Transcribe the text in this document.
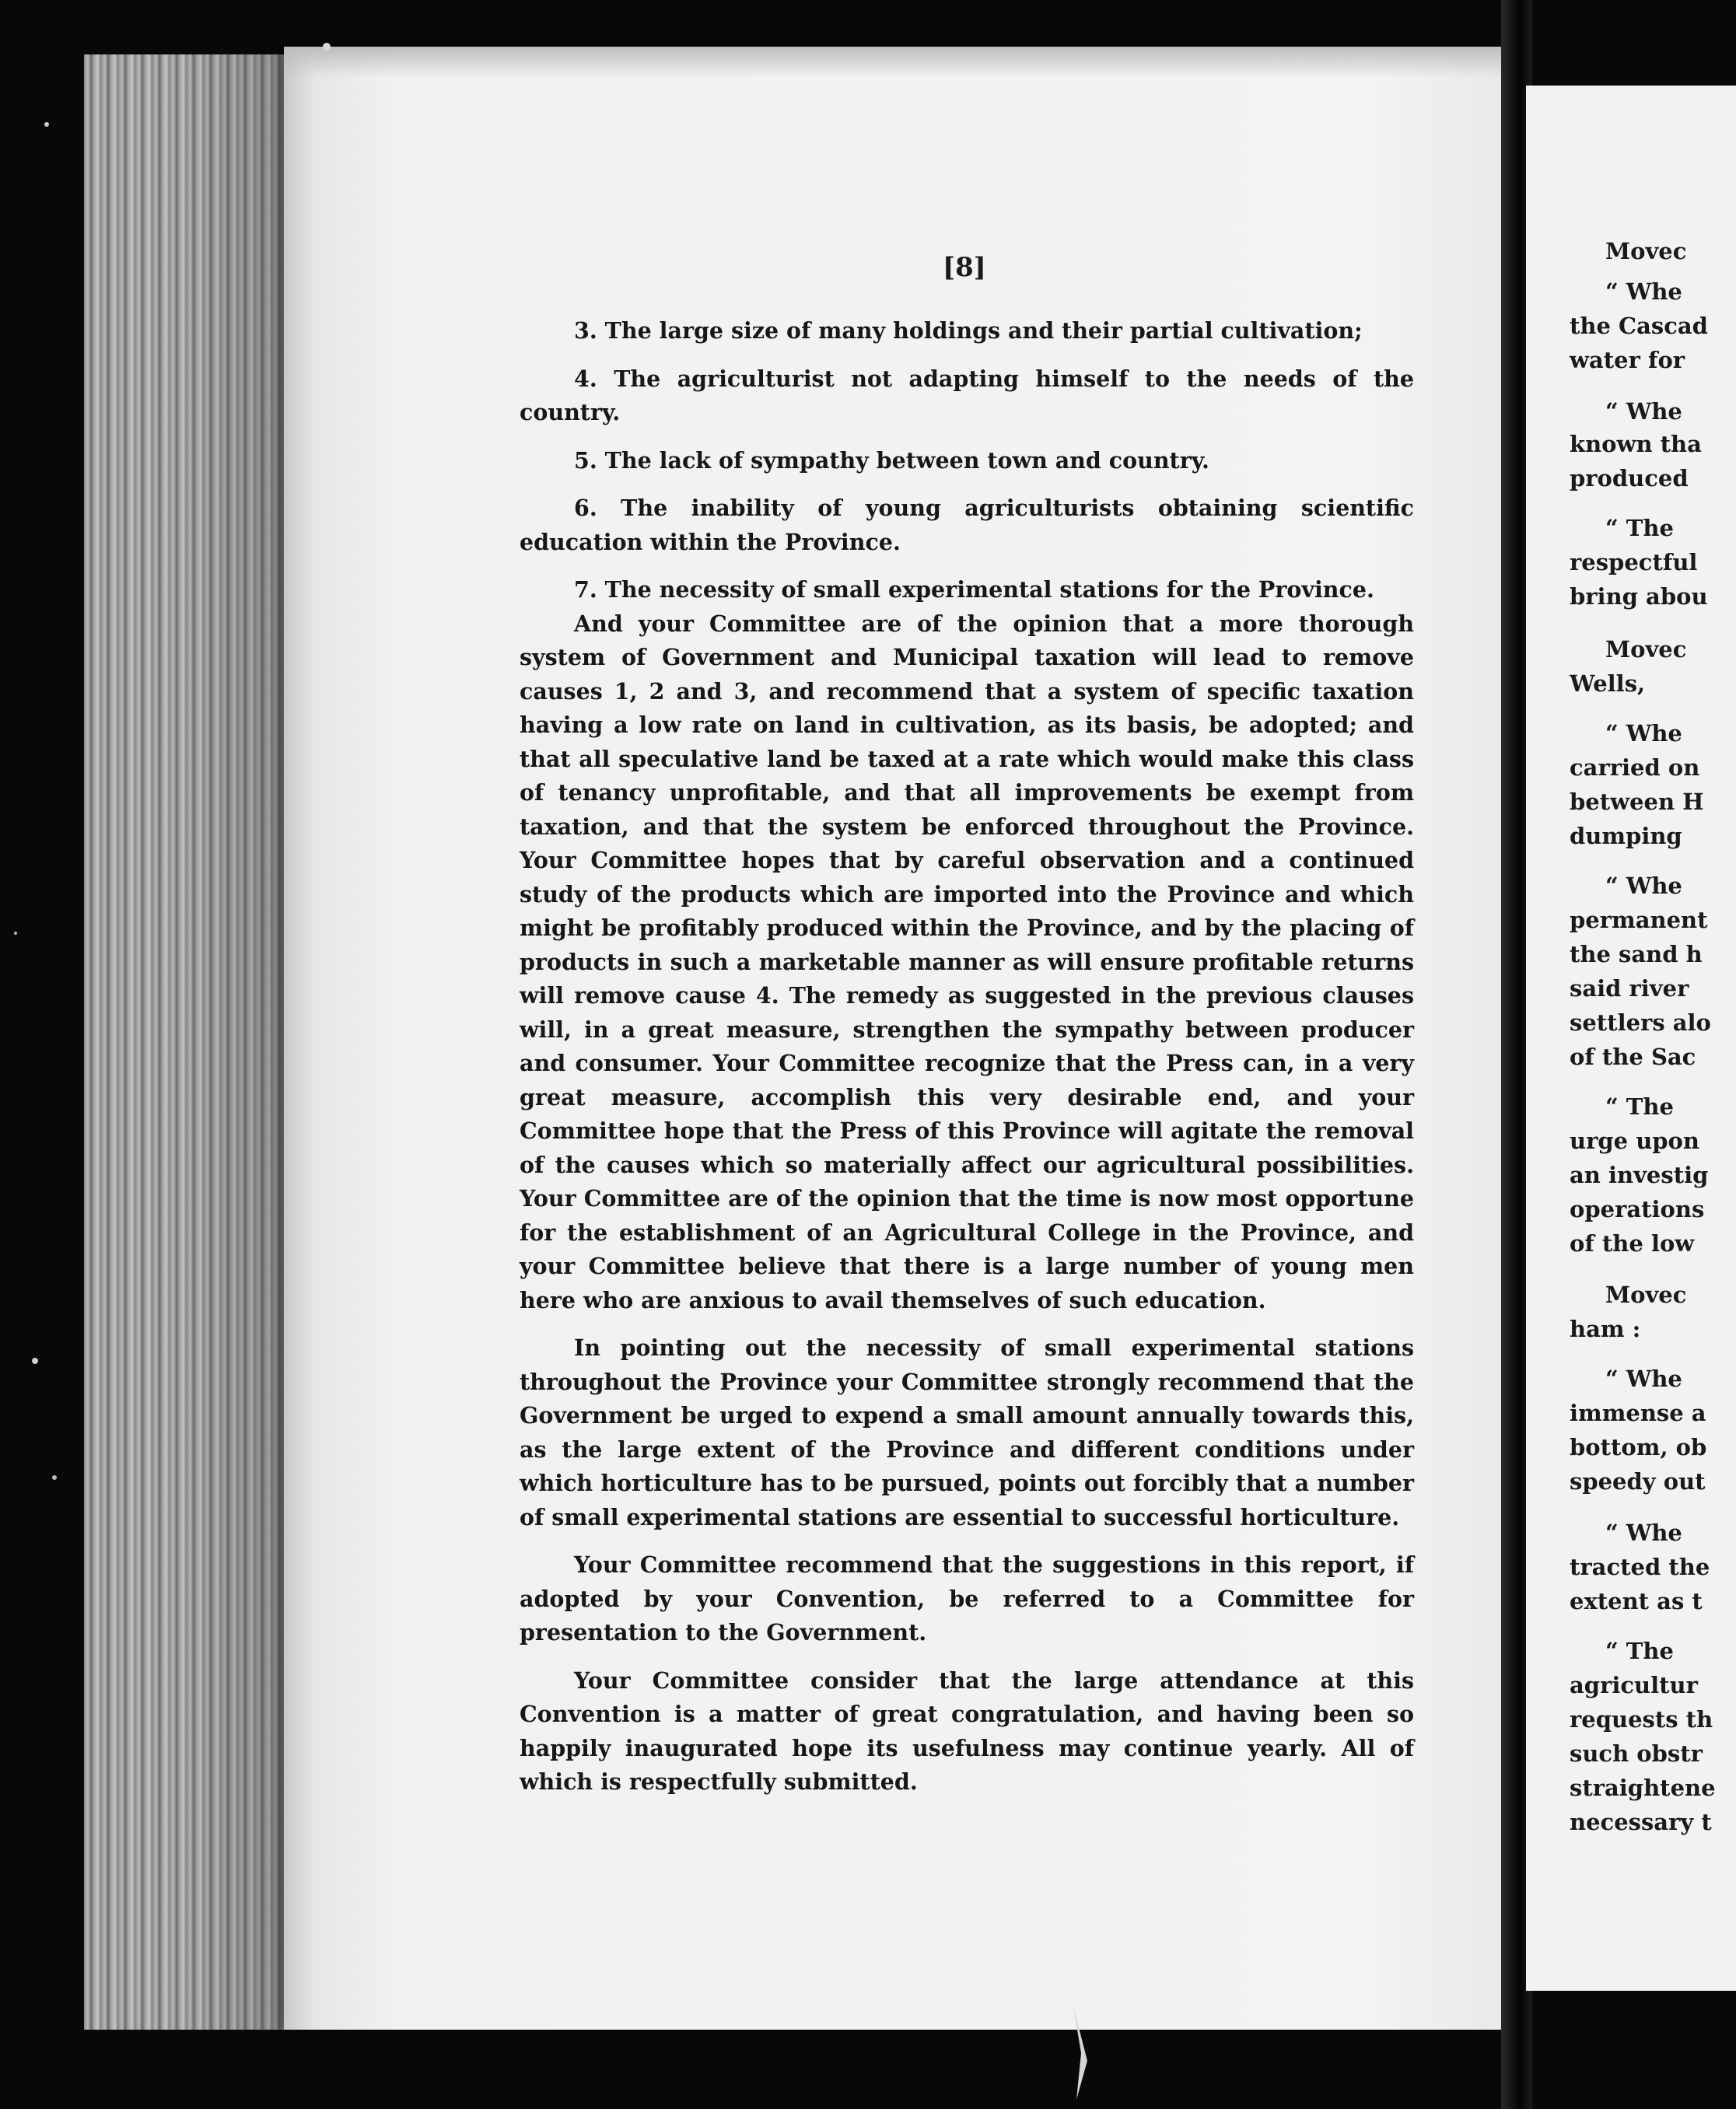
[8]

3. The large size of many holdings and their partial cultivation;

4. The agriculturist not adapting himself to the needs of the country.

5. The lack of sympathy between town and country.

6. The inability of young agriculturists obtaining scientific education within the Province.

7. The necessity of small experimental stations for the Province.

And your Committee are of the opinion that a more thorough system of Government and Municipal taxation will lead to remove causes 1, 2 and 3, and recommend that a system of specific taxation having a low rate on land in cultivation, as its basis, be adopted; and that all speculative land be taxed at a rate which would make this class of tenancy unprofitable, and that all improvements be exempt from taxation, and that the system be enforced throughout the Province. Your Committee hopes that by careful observation and a continued study of the products which are imported into the Province and which might be profitably produced within the Province, and by the placing of products in such a marketable manner as will ensure profitable returns will remove cause 4. The remedy as suggested in the previous clauses will, in a great measure, strengthen the sympathy between producer and consumer. Your Committee recognize that the Press can, in a very great measure, accomplish this very desirable end, and your Committee hope that the Press of this Province will agitate the removal of the causes which so materially affect our agricultural possibilities. Your Committee are of the opinion that the time is now most opportune for the establishment of an Agricultural College in the Province, and your Committee believe that there is a large number of young men here who are anxious to avail themselves of such education.

In pointing out the necessity of small experimental stations throughout the Province your Committee strongly recommend that the Government be urged to expend a small amount annually towards this, as the large extent of the Province and different conditions under which horticulture has to be pursued, points out forcibly that a number of small experimental stations are essential to successful horticulture.

Your Committee recommend that the suggestions in this report, if adopted by your Convention, be referred to a Committee for presentation to the Government.

Your Committee consider that the large attendance at this Convention is a matter of great congratulation, and having been so happily inaugurated hope its usefulness may continue yearly. All of which is respectfully submitted.

Movec
“ Whe
the Cascad
water for
“ Whe
known tha
produced
“ The
respectful
bring abou
Movec
Wells,
“ Whe
carried on
between H
dumping
“ Whe
permanent
the sand h
said river
settlers alo
of the Sac
“ The
urge upon
an investig
operations
of the low
Movec
ham :
“ Whe
immense a
bottom, ob
speedy out
“ Whe
tracted the
extent as t
“ The
agricultur
requests th
such obstr
straightene
necessary t
